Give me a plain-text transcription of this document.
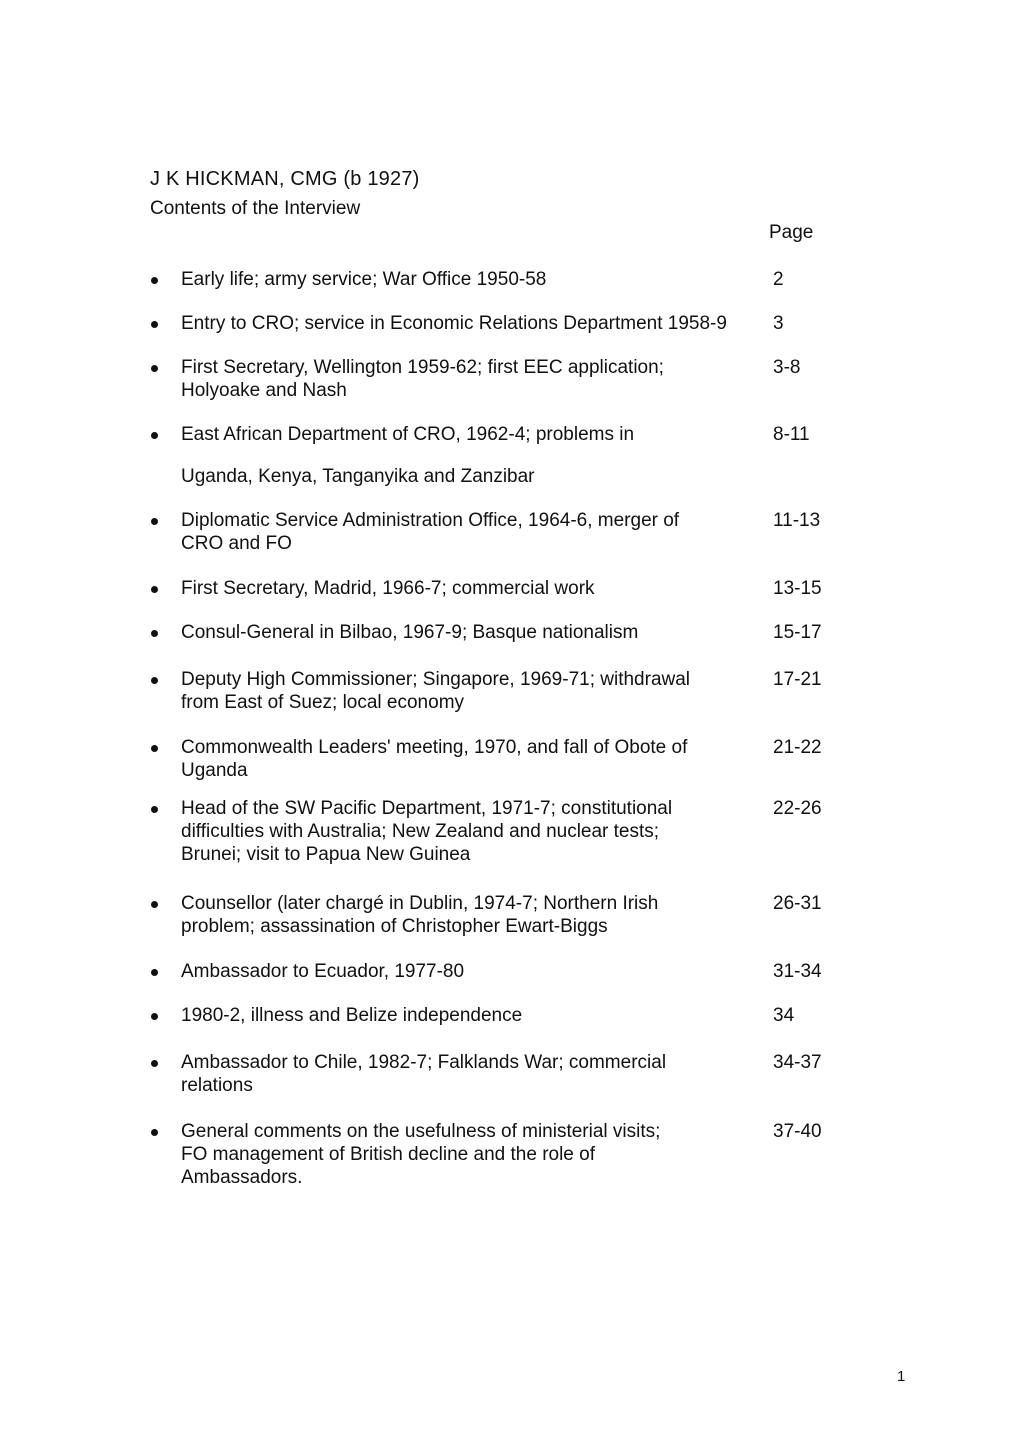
J K HICKMAN, CMG (b 1927)
Contents of the Interview
Page
Early life; army service; War Office 1950-58	2
Entry to CRO; service in Economic Relations Department 1958-9	3
First Secretary, Wellington 1959-62; first EEC application;
Holyoake and Nash
3-8
East African Department of CRO, 1962-4; problems in	8-11
Uganda, Kenya, Tanganyika and Zanzibar
Diplomatic Service Administration Office, 1964-6, merger of
CRO and FO
11-13
First Secretary, Madrid, 1966-7; commercial work	13-15
Consul-General in Bilbao, 1967-9; Basque nationalism	15-17
Deputy High Commissioner; Singapore, 1969-71; withdrawal
from East of Suez; local economy
17-21
Commonwealth Leaders' meeting, 1970, and fall of Obote of
Uganda
21-22
Head of the SW Pacific Department, 1971-7; constitutional
difficulties with Australia; New Zealand and nuclear tests;
Brunei; visit to Papua New Guinea
22-26
Counsellor (later chargé in Dublin, 1974-7; Northern Irish
problem; assassination of Christopher Ewart-Biggs
26-31
Ambassador to Ecuador, 1977-80	31-34
1980-2, illness and Belize independence	34
Ambassador to Chile, 1982-7; Falklands War; commercial
relations
34-37
General comments on the usefulness of ministerial visits;
FO management of British decline and the role of
Ambassadors.
37-40
1
